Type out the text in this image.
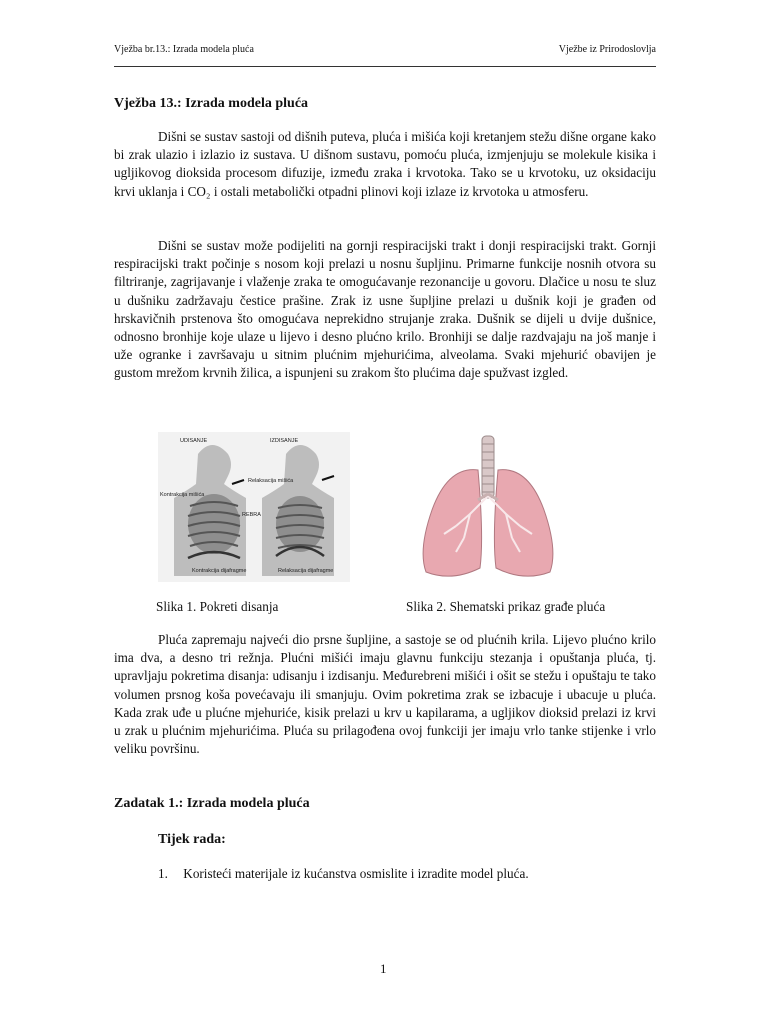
Vježba br.13.: Izrada modela pluća	Vježbe iz Prirodoslovlja
Vježba 13.: Izrada modela pluća

Dišni se sustav sastoji od dišnih puteva, pluća i mišića koji kretanjem stežu dišne organe kako bi zrak ulazio i izlazio iz sustava. U dišnom sustavu, pomoću pluća, izmjenjuju se molekule kisika i ugljikovog dioksida procesom difuzije, između zraka i krvotoka. Tako se u krvotoku, uz oksidaciju krvi uklanja i CO₂ i ostali metabolički otpadni plinovi koji izlaze iz krvotoka u atmosferu.

Dišni se sustav može podijeliti na gornji respiracijski trakt i donji respiracijski trakt. Gornji respiracijski trakt počinje s nosom koji prelazi u nosnu šupljinu. Primarne funkcije nosnih otvora su filtriranje, zagrijavanje i vlaženje zraka te omogućavanje rezonancije u govoru. Dlačice u nosu te sluz u dušniku zadržavaju čestice prašine. Zrak iz usne šupljine prelazi u dušnik koji je građen od hrskavičnih prstenova što omogućava neprekidno strujanje zraka. Dušnik se dijeli u dvije dušnice, odnosno bronhije koje ulaze u lijevo i desno plućno krilo. Bronhiji se dalje razdvajaju na još manje i uže ogranke i završavaju u sitnim plućnim mjehurićima, alveolama. Svaki mjehurić obavijen je gustom mrežom krvnih žilica, a ispunjeni su zrakom što plućima daje spužvast izgled.

UDISANJE	IZDISANJE
Kontrakcija mišića
Relaksacija mišića
REBRA
Kontrakcija dijafragme	Relaksacija dijafragme
Slika 1. Pokreti disanja	Slika 2. Shematski prikaz građe pluća

Pluća zapremaju najveći dio prsne šupljine, a sastoje se od plućnih krila. Lijevo plućno krilo ima dva, a desno tri režnja. Plućni mišići imaju glavnu funkciju stezanja i opuštanja pluća, tj. upravljaju pokretima disanja: udisanju i izdisanju. Međurebreni mišići i ošit se stežu i opuštaju te tako volumen prsnog koša povećavaju ili smanjuju. Ovim pokretima zrak se izbacuje i ubacuje u pluća. Kada zrak uđe u plućne mjehuriće, kisik prelazi u krv u kapilarama, a ugljikov dioksid prelazi iz krvi u zrak u plućnim mjehurićima. Pluća su prilagođena ovoj funkciji jer imaju vrlo tanke stijenke i vrlo veliku površinu.

Zadatak 1.: Izrada modela pluća
Tijek rada:
1. Koristeći materijale iz kućanstva osmislite i izradite model pluća.
1
